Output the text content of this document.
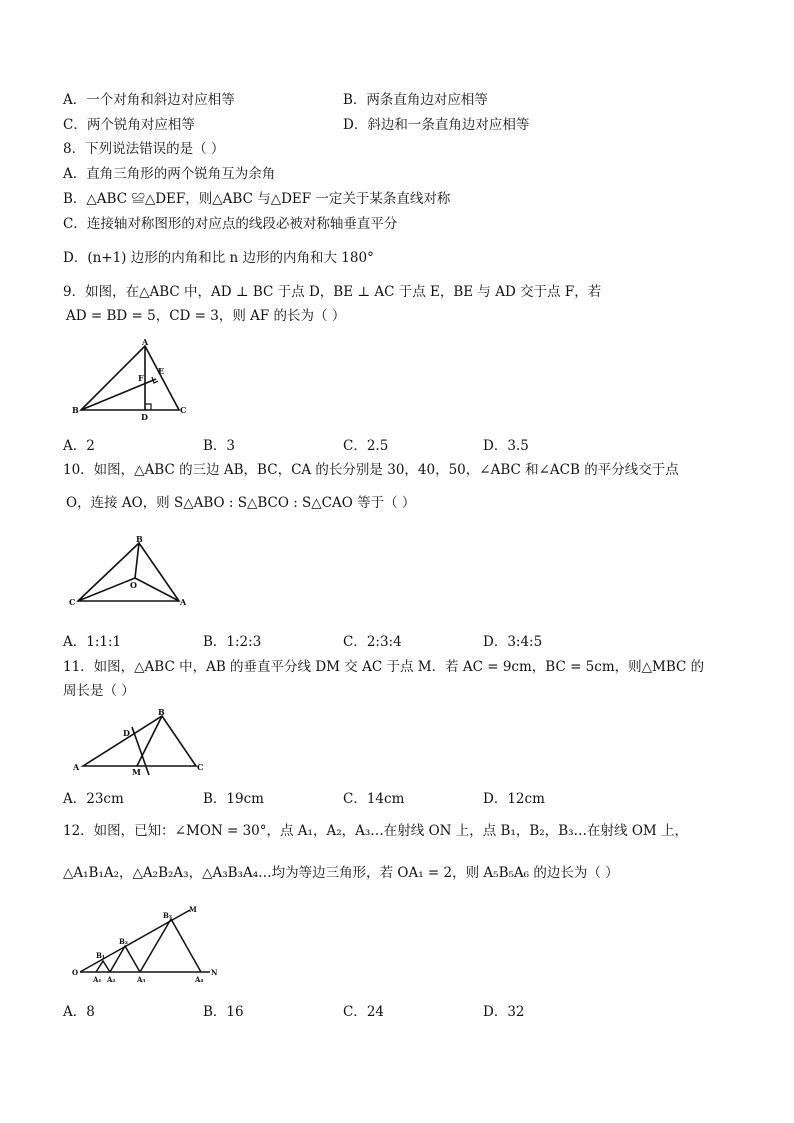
A．一个对角和斜边对应相等	B．两条直角边对应相等
C．两个锐角对应相等	D．斜边和一条直角边对应相等
8．下列说法错误的是（ ）
A．直角三角形的两个锐角互为余角
B．△ABC ≌△DEF，则△ABC 与△DEF 一定关于某条直线对称
C．连接轴对称图形的对应点的线段必被对称轴垂直平分
D．(n+1) 边形的内角和比 n 边形的内角和大 180°
9．如图，在△ABC 中，AD ⊥ BC 于点 D，BE ⊥ AC 于点 E，BE 与 AD 交于点 F，若
AD = BD = 5，CD = 3，则 AF 的长为（ ）
A
B	C
D
E
F
A．2	B．3	C．2.5	D．3.5
10．如图，△ABC 的三边 AB，BC，CA 的长分别是 30，40，50，∠ABC 和∠ACB 的平分线交于点
O，连接 AO，则 S△ABO : S△BCO : S△CAO 等于（ ）
B
C	A
O
A．1:1:1	B．1:2:3	C．2:3:4	D．3:4:5
11．如图，△ABC 中，AB 的垂直平分线 DM 交 AC 于点 M．若 AC = 9cm，BC = 5cm，则△MBC 的
周长是（ ）
A
B
C
D
M
A．23cm	B．19cm	C．14cm	D．12cm
12．如图，已知：∠MON = 30°，点 A₁，A₂，A₃…在射线 ON 上，点 B₁，B₂，B₃…在射线 OM 上，
△A₁B₁A₂，△A₂B₂A₃，△A₃B₃A₄…均为等边三角形，若 OA₁ = 2，则 A₅B₅A₆ 的边长为（ ）
O
M
N
A₁ A₂	A₃	A₄
B₁
B₂
B₃
A．8	B．16	C．24	D．32
